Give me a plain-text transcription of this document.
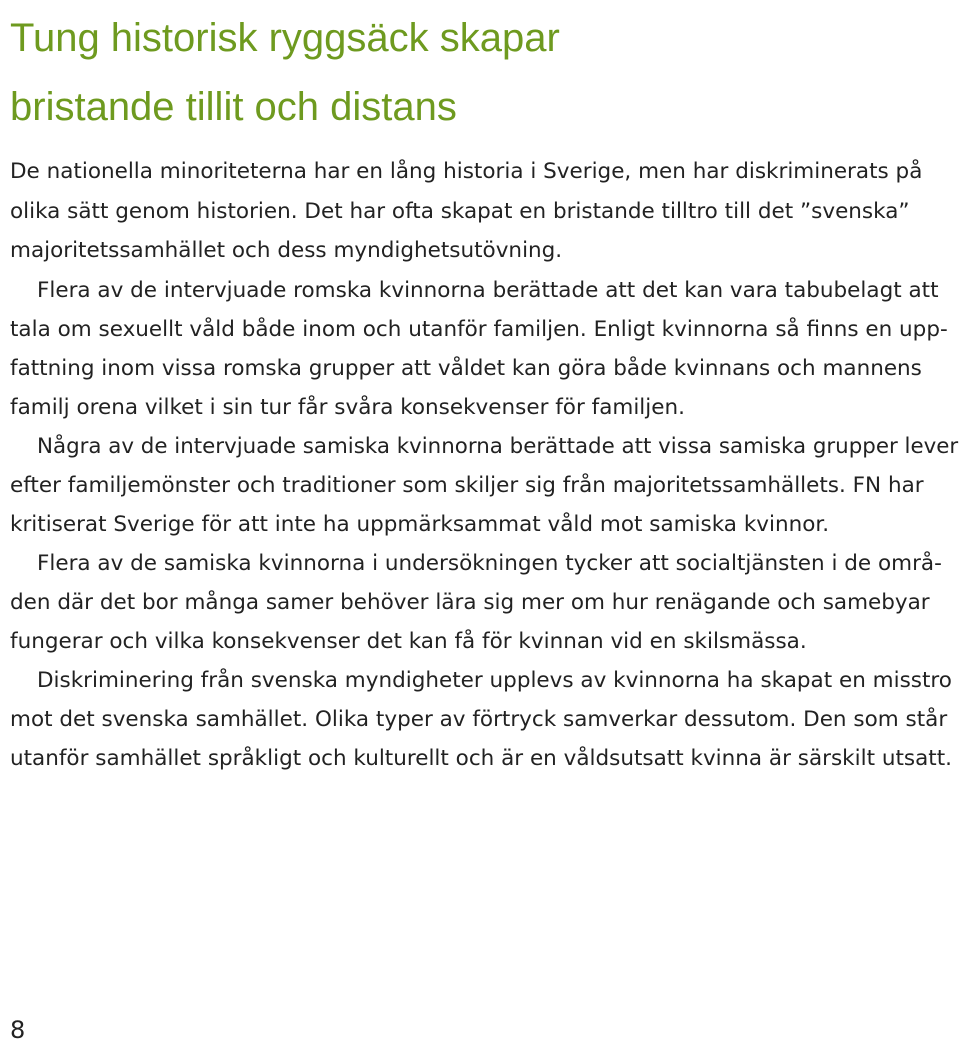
Tung historisk ryggsäck skapar
bristande tillit och distans
De nationella minoriteterna har en lång historia i Sverige, men har diskriminerats på
olika sätt genom historien. Det har ofta skapat en bristande tilltro till det ”svenska”
majoritetssamhället och dess myndighetsutövning.
Flera av de intervjuade romska kvinnorna berättade att det kan vara tabubelagt att
tala om sexuellt våld både inom och utanför familjen. Enligt kvinnorna så finns en upp-
fattning inom vissa romska grupper att våldet kan göra både kvinnans och mannens
familj orena vilket i sin tur får svåra konsekvenser för familjen.
Några av de intervjuade samiska kvinnorna berättade att vissa samiska grupper lever
efter familjemönster och traditioner som skiljer sig från majoritetssamhällets. FN har
kritiserat Sverige för att inte ha uppmärksammat våld mot samiska kvinnor.
Flera av de samiska kvinnorna i undersökningen tycker att socialtjänsten i de områ-
den där det bor många samer behöver lära sig mer om hur renägande och samebyar
fungerar och vilka konsekvenser det kan få för kvinnan vid en skilsmässa.
Diskriminering från svenska myndigheter upplevs av kvinnorna ha skapat en misstro
mot det svenska samhället. Olika typer av förtryck samverkar dessutom. Den som står
utanför samhället språkligt och kulturellt och är en våldsutsatt kvinna är särskilt utsatt.
8
